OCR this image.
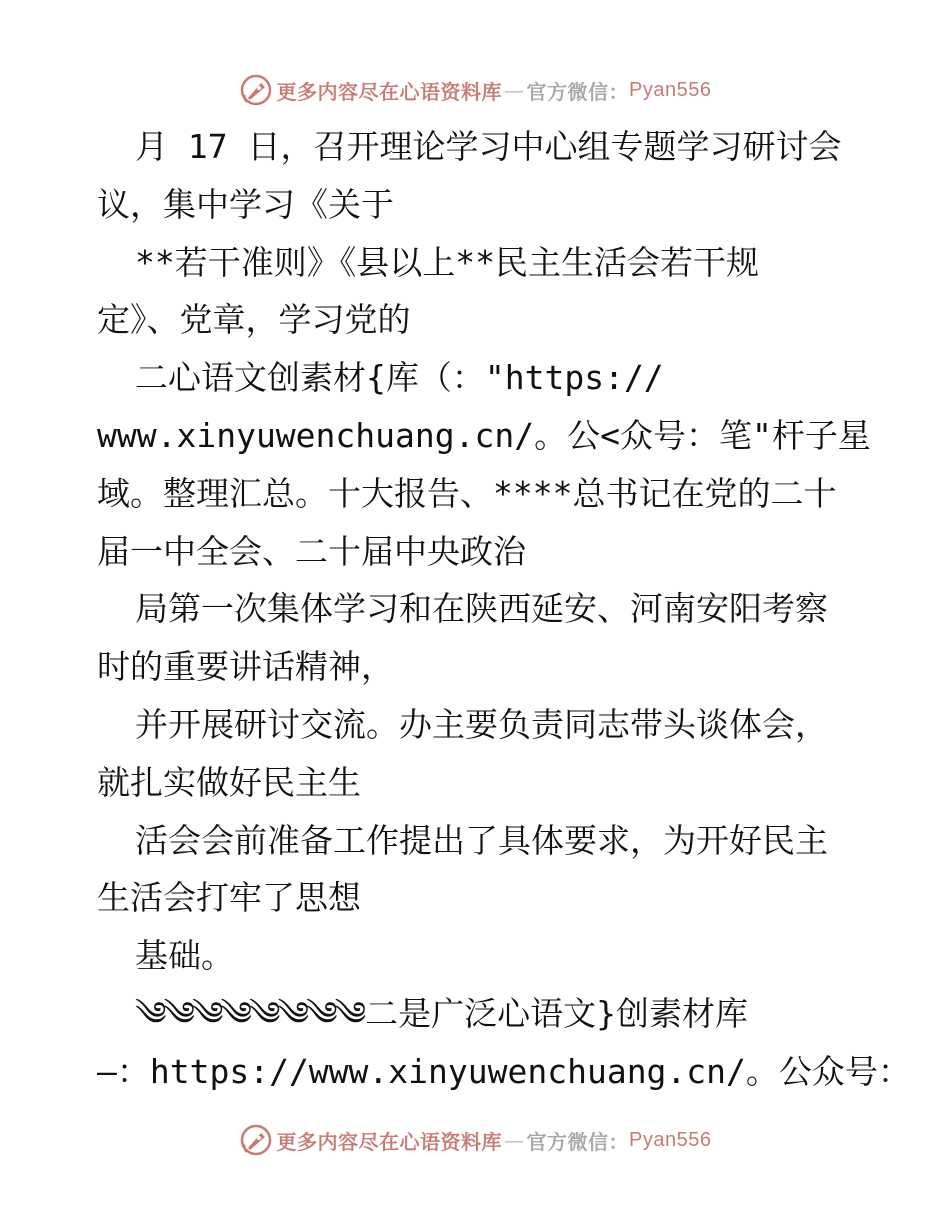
更多内容尽在心语资料库 — 官方微信： Pyan556
月 17 日，召开理论学习中心组专题学习研讨会
议，集中学习《关于
**若干准则》《县以上**民主生活会若干规
定》、党章，学习党的
二心语文创素材{库（："https://
www.xinyuwenchuang.cn/。公<众号：笔"杆子星
域。整理汇总。十大报告、****总书记在党的二十
届一中全会、二十届中央政治
局第一次集体学习和在陕西延安、河南安阳考察
时的重要讲话精神，
并开展研讨交流。办主要负责同志带头谈体会，
就扎实做好民主生
活会会前准备工作提出了具体要求，为开好民主
生活会打牢了思想
基础。
༄༄༄༄༄༄༄༄二是广泛心语文}创素材库
—：https://www.xinyuwenchuang.cn/。公众号：
更多内容尽在心语资料库 — 官方微信： Pyan556
